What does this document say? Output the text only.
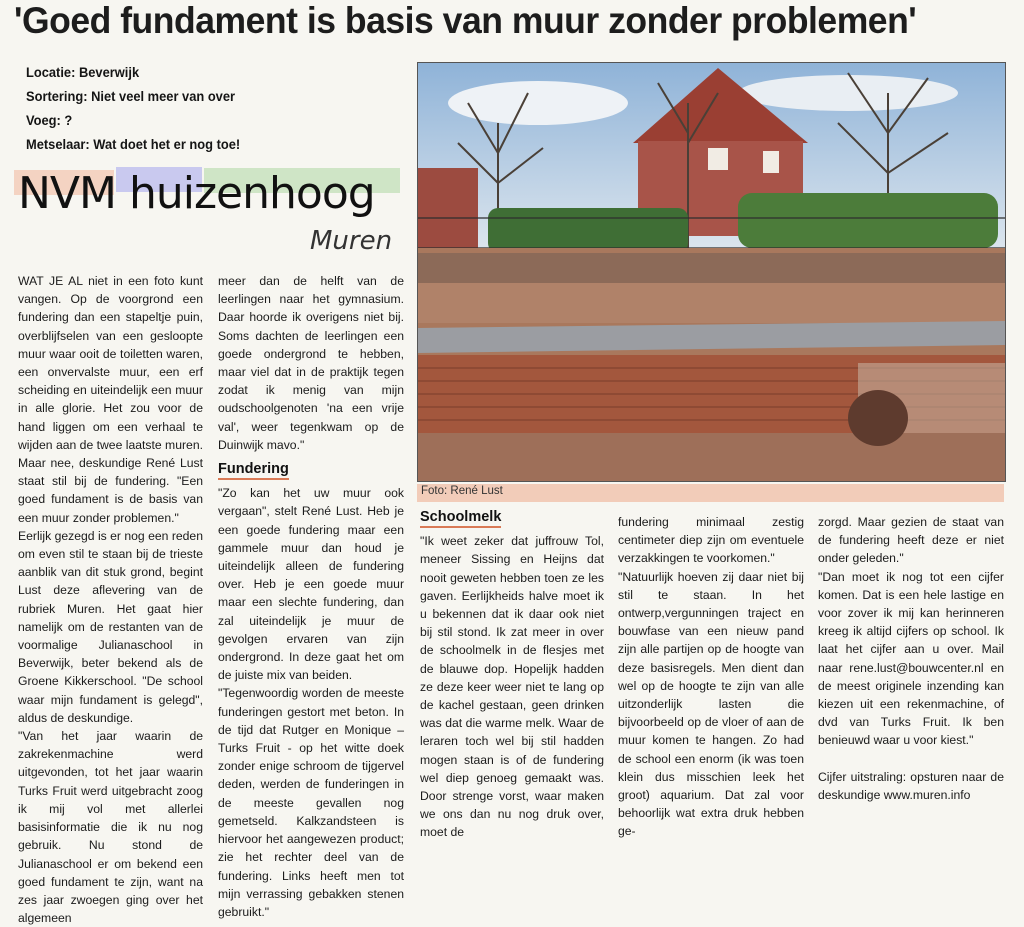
'Goed fundament is basis van muur zonder problemen'
Locatie: Beverwijk
Sortering: Niet veel meer van over
Voeg: ?
Metselaar: Wat doet het er nog toe!
NVM huizenhoog
Muren

WAT JE AL niet in een foto kunt vangen. Op de voorgrond een fundering dan een stapeltje puin, overblijfselen van een gesloopte muur waar ooit de toiletten waren, een onvervalste muur, een erf scheiding en uiteindelijk een muur in alle glorie. Het zou voor de hand liggen om een verhaal te wijden aan de twee laatste muren. Maar nee, deskundige René Lust staat stil bij de fundering. "Een goed fundament is de basis van een muur zonder problemen."

Eerlijk gezegd is er nog een reden om even stil te staan bij de trieste aanblik van dit stuk grond, begint Lust deze aflevering van de rubriek Muren. Het gaat hier namelijk om de restanten van de voormalige Julianaschool in Beverwijk, beter bekend als de Groene Kikkerschool. "De school waar mijn fundament is gelegd", aldus de deskundige.

"Van het jaar waarin de zakrekenmachine werd uitgevonden, tot het jaar waarin Turks Fruit werd uitgebracht zoog ik mij vol met allerlei basisinformatie die ik nu nog gebruik. Nu stond de Julianaschool er om bekend een goed fundament te zijn, want na zes jaar zwoegen ging over het algemeen

meer dan de helft van de leerlingen naar het gymnasium. Daar hoorde ik overigens niet bij. Soms dachten de leerlingen een goede ondergrond te hebben, maar viel dat in de praktijk tegen zodat ik menig van mijn oudschoolgenoten 'na een vrije val', weer tegenkwam op de Duinwijk mavo."

Fundering

"Zo kan het uw muur ook vergaan", stelt René Lust. Heb je een goede fundering maar een gammele muur dan houd je uiteindelijk alleen de fundering over. Heb je een goede muur maar een slechte fundering, dan zal uiteindelijk je muur de gevolgen ervaren van zijn ondergrond. In deze gaat het om de juiste mix van beiden.

"Tegenwoordig worden de meeste funderingen gestort met beton. In de tijd dat Rutger en Monique – Turks Fruit - op het witte doek zonder enige schroom de tijgervel deden, werden de funderingen in de meeste gevallen nog gemetseld. Kalkzandsteen is hiervoor het aangewezen product; zie het rechter deel van de fundering. Links heeft men tot mijn verrassing gebakken stenen gebruikt."

Foto: René Lust
Schoolmelk

"Ik weet zeker dat juffrouw Tol, meneer Sissing en Heijns dat nooit geweten hebben toen ze les gaven. Eerlijkheids halve moet ik u bekennen dat ik daar ook niet bij stil stond. Ik zat meer in over de schoolmelk in de flesjes met de blauwe dop. Hopelijk hadden ze deze keer weer niet te lang op de kachel gestaan, geen drinken was dat die warme melk. Waar de leraren toch wel bij stil hadden mogen staan is of de fundering wel diep genoeg gemaakt was. Door strenge vorst, waar maken we ons dan nu nog druk over, moet de

fundering minimaal zestig centimeter diep zijn om eventuele verzakkingen te voorkomen."

"Natuurlijk hoeven zij daar niet bij stil te staan. In het ontwerp,vergunningen traject en bouwfase van een nieuw pand zijn alle partijen op de hoogte van deze basisregels. Men dient dan wel op de hoogte te zijn van alle uitzonderlijk lasten die bijvoorbeeld op de vloer of aan de muur komen te hangen. Zo had de school een enorm (ik was toen klein dus misschien leek het groot) aquarium. Dat zal voor behoorlijk wat extra druk hebben ge-

zorgd. Maar gezien de staat van de fundering heeft deze er niet onder geleden."

"Dan moet ik nog tot een cijfer komen. Dat is een hele lastige en voor zover ik mij kan herinneren kreeg ik altijd cijfers op school. Ik laat het cijfer aan u over. Mail naar rene.lust@bouwcenter.nl en de meest originele inzending kan kiezen uit een rekenmachine, of dvd van Turks Fruit. Ik ben benieuwd waar u voor kiest."

Cijfer uitstraling: opsturen naar de deskundige www.muren.info
